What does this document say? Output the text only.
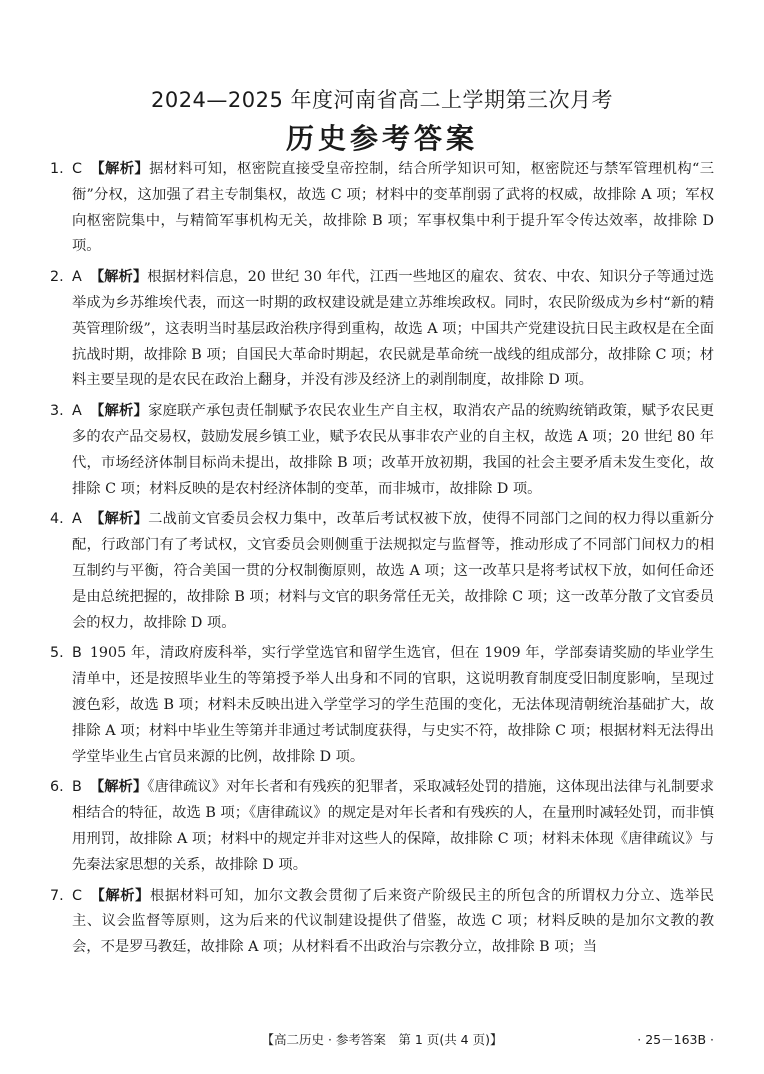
2024—2025 年度河南省高二上学期第三次月考
历史参考答案
1. C 【解析】据材料可知，枢密院直接受皇帝控制，结合所学知识可知，枢密院还与禁军管理机构“三衙”分权，这加强了君主专制集权，故选 C 项；材料中的变革削弱了武将的权威，故排除 A 项；军权向枢密院集中，与精简军事机构无关，故排除 B 项；军事权集中利于提升军令传达效率，故排除 D 项。
2. A 【解析】根据材料信息，20 世纪 30 年代，江西一些地区的雇农、贫农、中农、知识分子等通过选举成为乡苏维埃代表，而这一时期的政权建设就是建立苏维埃政权。同时，农民阶级成为乡村“新的精英管理阶级”，这表明当时基层政治秩序得到重构，故选 A 项；中国共产党建设抗日民主政权是在全面抗战时期，故排除 B 项；自国民大革命时期起，农民就是革命统一战线的组成部分，故排除 C 项；材料主要呈现的是农民在政治上翻身，并没有涉及经济上的剥削制度，故排除 D 项。
3. A 【解析】家庭联产承包责任制赋予农民农业生产自主权，取消农产品的统购统销政策，赋予农民更多的农产品交易权，鼓励发展乡镇工业，赋予农民从事非农产业的自主权，故选 A 项；20 世纪 80 年代，市场经济体制目标尚未提出，故排除 B 项；改革开放初期，我国的社会主要矛盾未发生变化，故排除 C 项；材料反映的是农村经济体制的变革，而非城市，故排除 D 项。
4. A 【解析】二战前文官委员会权力集中，改革后考试权被下放，使得不同部门之间的权力得以重新分配，行政部门有了考试权，文官委员会则侧重于法规拟定与监督等，推动形成了不同部门间权力的相互制约与平衡，符合美国一贯的分权制衡原则，故选 A 项；这一改革只是将考试权下放，如何任命还是由总统把握的，故排除 B 项；材料与文官的职务常任无关，故排除 C 项；这一改革分散了文官委员会的权力，故排除 D 项。
5. B 1905 年，清政府废科举，实行学堂选官和留学生选官，但在 1909 年，学部奏请奖励的毕业学生清单中，还是按照毕业生的等第授予举人出身和不同的官职，这说明教育制度受旧制度影响，呈现过渡色彩，故选 B 项；材料未反映出进入学堂学习的学生范围的变化，无法体现清朝统治基础扩大，故排除 A 项；材料中毕业生等第并非通过考试制度获得，与史实不符，故排除 C 项；根据材料无法得出学堂毕业生占官员来源的比例，故排除 D 项。
6. B 【解析】《唐律疏议》对年长者和有残疾的犯罪者，采取减轻处罚的措施，这体现出法律与礼制要求相结合的特征，故选 B 项；《唐律疏议》的规定是对年长者和有残疾的人，在量刑时减轻处罚，而非慎用刑罚，故排除 A 项；材料中的规定并非对这些人的保障，故排除 C 项；材料未体现《唐律疏议》与先秦法家思想的关系，故排除 D 项。
7. C 【解析】根据材料可知，加尔文教会贯彻了后来资产阶级民主的所包含的所谓权力分立、选举民主、议会监督等原则，这为后来的代议制建设提供了借鉴，故选 C 项；材料反映的是加尔文教的教会，不是罗马教廷，故排除 A 项；从材料看不出政治与宗教分立，故排除 B 项；当
【高二历史 · 参考答案　第 1 页(共 4 页)】	· 25－163B ·
